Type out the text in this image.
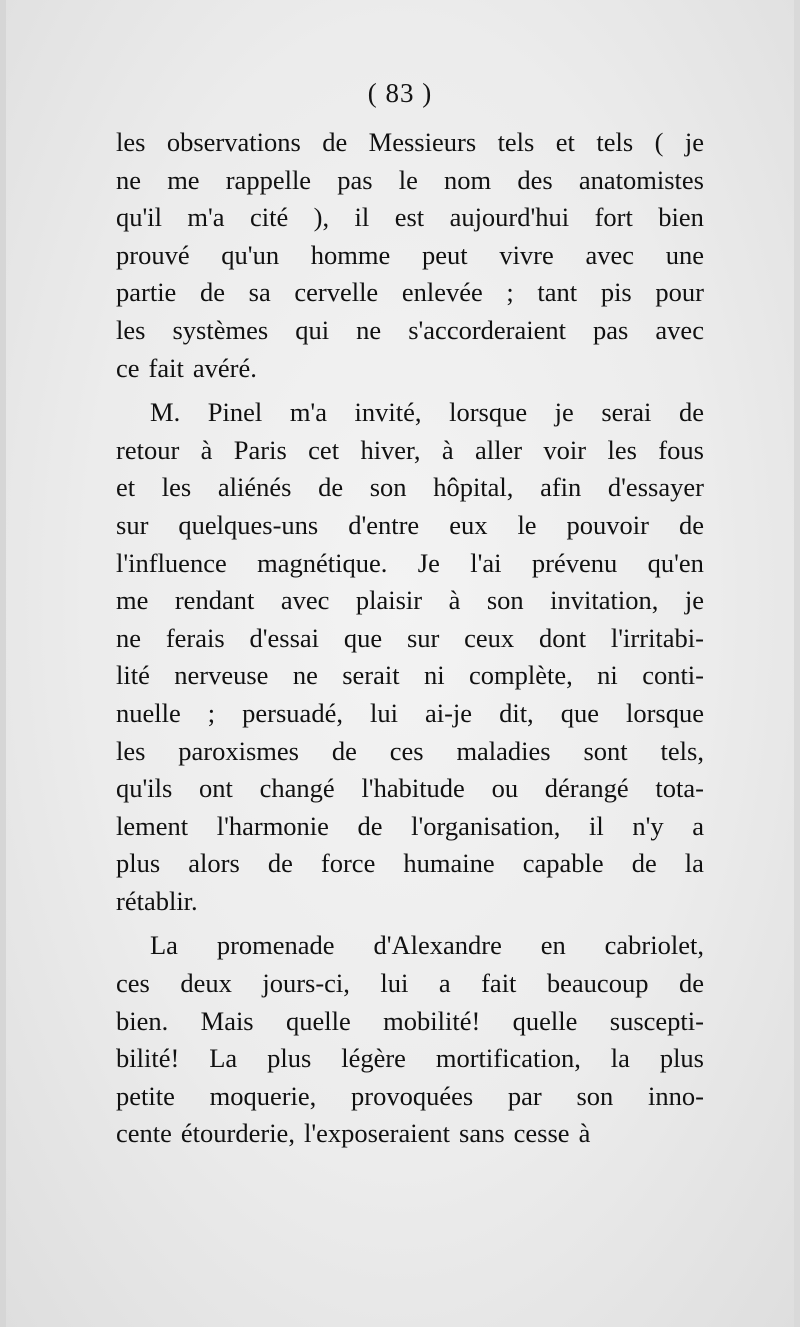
( 83 )
les observations de Messieurs tels et tels ( je
ne me rappelle pas le nom des anatomistes
qu'il m'a cité ), il est aujourd'hui fort bien
prouvé qu'un homme peut vivre avec une
partie de sa cervelle enlevée ; tant pis pour
les systèmes qui ne s'accorderaient pas avec
ce fait avéré.
M. Pinel m'a invité, lorsque je serai de
retour à Paris cet hiver, à aller voir les fous
et les aliénés de son hôpital, afin d'essayer
sur quelques-uns d'entre eux le pouvoir de
l'influence magnétique. Je l'ai prévenu qu'en
me rendant avec plaisir à son invitation, je
ne ferais d'essai que sur ceux dont l'irritabi-
lité nerveuse ne serait ni complète, ni conti-
nuelle ; persuadé, lui ai-je dit, que lorsque
les paroxismes de ces maladies sont tels,
qu'ils ont changé l'habitude ou dérangé tota-
lement l'harmonie de l'organisation, il n'y a
plus alors de force humaine capable de la
rétablir.
La promenade d'Alexandre en cabriolet,
ces deux jours-ci, lui a fait beaucoup de
bien. Mais quelle mobilité! quelle suscepti-
bilité! La plus légère mortification, la plus
petite moquerie, provoquées par son inno-
cente étourderie, l'exposeraient sans cesse à
